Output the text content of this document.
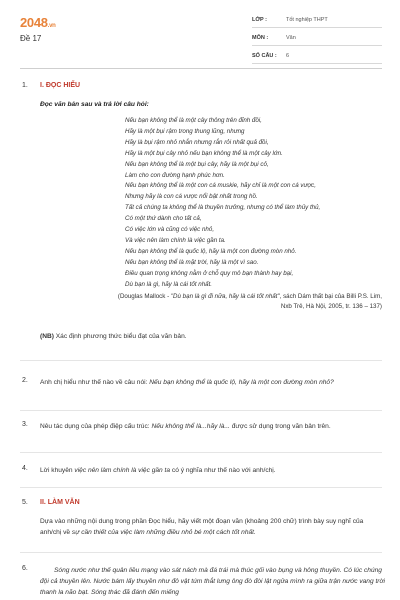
2048.vn
Đề 17
LỚP :	Tốt nghiệp THPT
MÔN :	Văn
SỐ CÂU : 6
1. I. ĐỌC HIỂU
Đọc văn bản sau và trả lời câu hỏi:
Nếu bạn không thể là một cây thông trên đỉnh đồi,
Hãy là một bụi rậm trong thung lũng, nhưng
Hãy là bụi rậm nhỏ nhắn nhưng rắn rỏi nhất quả đồi,
Hãy là một bụi cây nhỏ nếu bạn không thể là một cây lớn.
Nếu bạn không thể là một bụi cây, hãy là một bụi cỏ,
Làm cho con đường hạnh phúc hơn.
Nếu bạn không thể là một con cá muskie, hãy chỉ là một con cá vược,
Nhưng hãy là con cá vược nổi bật nhất trong hồ.
Tất cả chúng ta không thể là thuyền trưởng, nhưng có thể làm thủy thủ,
Có một thứ dành cho tất cả,
Có việc lớn và cũng có việc nhỏ,
Và việc nên làm chính là việc gần ta.
Nếu bạn không thể là quốc lộ, hãy là một con đường mòn nhỏ.
Nếu bạn không thể là mặt trời, hãy là một vì sao.
Điều quan trọng không nằm ở chỗ quy mô bạn thành hay bại,
Dù bạn là gì, hãy là cái tốt nhất.
(Douglas Mallock - "Dù bạn là gì đi nữa, hãy là cái tốt nhất", sách Dám thất bại của Billi P.S. Lim,
Nxb Trẻ, Hà Nội, 2005, tr. 136 – 137)
(NB) Xác định phương thức biểu đạt của văn bản.
2. Anh chị hiểu như thế nào về câu nói: Nếu bạn không thể là quốc lộ, hãy là một con đường mòn nhỏ?
3. Nêu tác dụng của phép điệp cấu trúc: Nếu không thể là...hãy là... được sử dụng trong văn bản trên.
4. Lời khuyên việc nên làm chính là việc gần ta có ý nghĩa như thế nào với anh/chị.
5. II. LÀM VĂN
Dựa vào những nội dung trong phần Đọc hiểu, hãy viết một đoạn văn (khoảng 200 chữ) trình bày suy nghĩ của anh/chị về sự cần thiết của việc làm những điều nhỏ bé một cách tốt nhất.
6.	Sóng nước như thế quân liều mạng vào sát nách mà đá trái mà thúc gối vào bụng và hông thuyền. Có lúc chúng đội cả thuyền lên. Nước bám lấy thuyền như đô vật túm thắt lưng ông đò đòi lật ngửa mình ra giữa trận nước vang trời thanh la não bạt. Sóng thác đã đánh đến miếng
